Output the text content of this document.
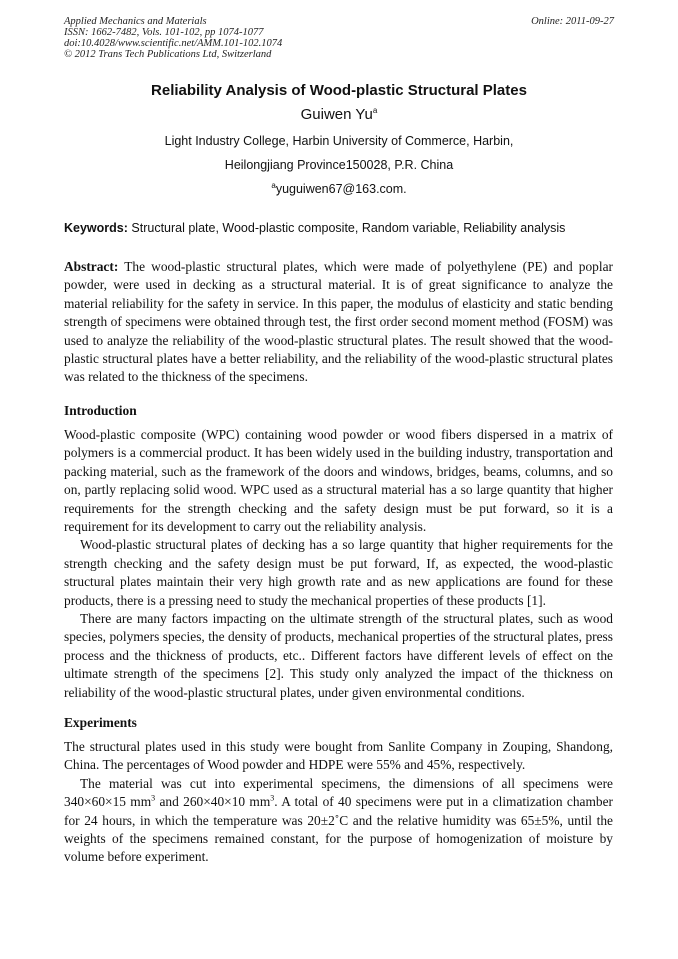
Applied Mechanics and Materials
ISSN: 1662-7482, Vols. 101-102, pp 1074-1077
doi:10.4028/www.scientific.net/AMM.101-102.1074
© 2012 Trans Tech Publications Ltd, Switzerland
Online: 2011-09-27
Reliability Analysis of Wood-plastic Structural Plates
Guiwen Yu$^a$
Light Industry College, Harbin University of Commerce, Harbin,
Heilongjiang Province150028, P.R. China
$^a$yuguiwen67@163.com.
Keywords: Structural plate, Wood-plastic composite, Random variable, Reliability analysis

Abstract: The wood-plastic structural plates, which were made of polyethylene (PE) and poplar powder, were used in decking as a structural material. It is of great significance to analyze the material reliability for the safety in service. In this paper, the modulus of elasticity and static bending strength of specimens were obtained through test, the first order second moment method (FOSM) was used to analyze the reliability of the wood-plastic structural plates. The result showed that the wood-plastic structural plates have a better reliability, and the reliability of the wood-plastic structural plates was related to the thickness of the specimens.

Introduction

Wood-plastic composite (WPC) containing wood powder or wood fibers dispersed in a matrix of polymers is a commercial product. It has been widely used in the building industry, transportation and packing material, such as the framework of the doors and windows, bridges, beams, columns, and so on, partly replacing solid wood. WPC used as a structural material has a so large quantity that higher requirements for the strength checking and the safety design must be put forward, so it is a requirement for its development to carry out the reliability analysis.

Wood-plastic structural plates of decking has a so large quantity that higher requirements for the strength checking and the safety design must be put forward, If, as expected, the wood-plastic structural plates maintain their very high growth rate and as new applications are found for these products, there is a pressing need to study the mechanical properties of these products [1].

There are many factors impacting on the ultimate strength of the structural plates, such as wood species, polymers species, the density of products, mechanical properties of the structural plates, press process and the thickness of products, etc.. Different factors have different levels of effect on the ultimate strength of the specimens [2]. This study only analyzed the impact of the thickness on reliability of the wood-plastic structural plates, under given environmental conditions.

Experiments

The structural plates used in this study were bought from Sanlite Company in Zouping, Shandong, China. The percentages of Wood powder and HDPE were 55% and 45%, respectively.

The material was cut into experimental specimens, the dimensions of all specimens were 340×60×15 $mm^3$ and 260×40×10 $mm^3$. A total of 40 specimens were put in a climatization chamber for 24 hours, in which the temperature was 20±2˚C and the relative humidity was 65±5%, until the weights of the specimens remained constant, for the purpose of homogenization of moisture by volume before experiment.
